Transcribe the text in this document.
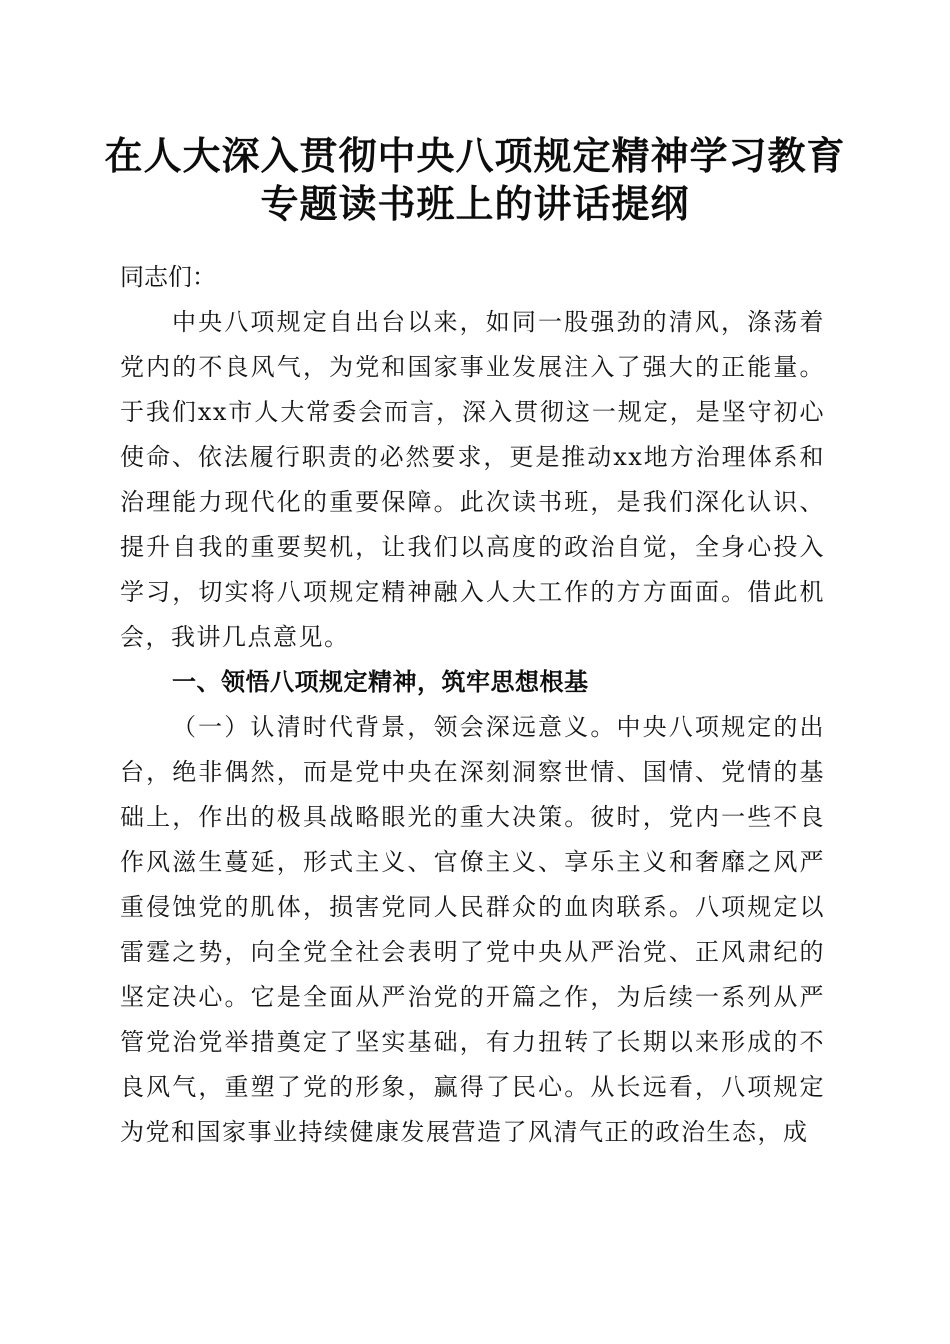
在人大深入贯彻中央八项规定精神学习教育专题读书班上的讲话提纲

同志们：

中央八项规定自出台以来，如同一股强劲的清风，涤荡着党内的不良风气，为党和国家事业发展注入了强大的正能量。于我们xx市人大常委会而言，深入贯彻这一规定，是坚守初心使命、依法履行职责的必然要求，更是推动xx地方治理体系和治理能力现代化的重要保障。此次读书班，是我们深化认识、提升自我的重要契机，让我们以高度的政治自觉，全身心投入学习，切实将八项规定精神融入人大工作的方方面面。借此机会，我讲几点意见。

一、领悟八项规定精神，筑牢思想根基

（一）认清时代背景，领会深远意义。中央八项规定的出台，绝非偶然，而是党中央在深刻洞察世情、国情、党情的基础上，作出的极具战略眼光的重大决策。彼时，党内一些不良作风滋生蔓延，形式主义、官僚主义、享乐主义和奢靡之风严重侵蚀党的肌体，损害党同人民群众的血肉联系。八项规定以雷霆之势，向全党全社会表明了党中央从严治党、正风肃纪的坚定决心。它是全面从严治党的开篇之作，为后续一系列从严管党治党举措奠定了坚实基础，有力扭转了长期以来形成的不良风气，重塑了党的形象，赢得了民心。从长远看，八项规定为党和国家事业持续健康发展营造了风清气正的政治生态，成
